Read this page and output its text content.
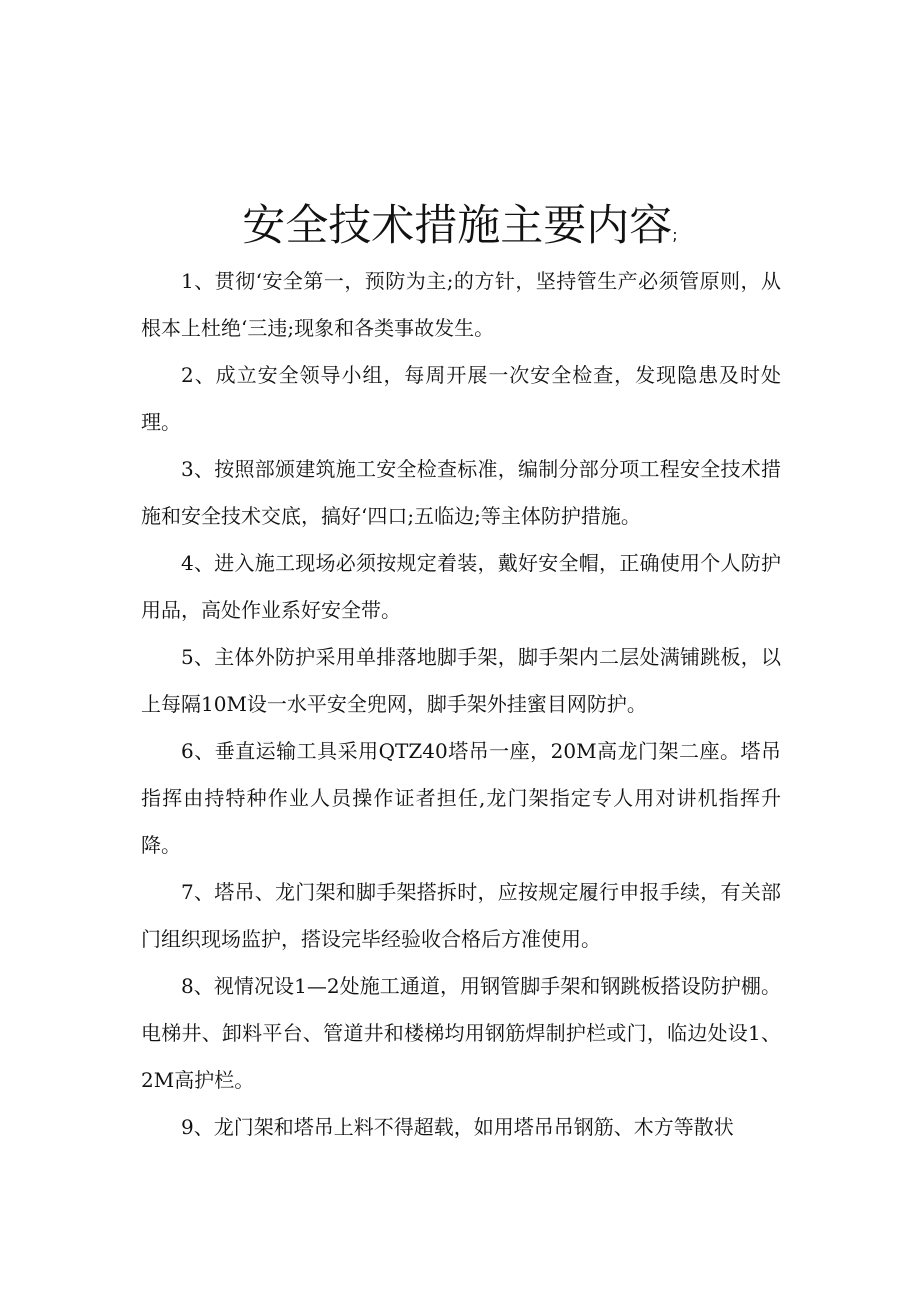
安全技术措施主要内容;

1、贯彻‘安全第一，预防为主;的方针，坚持管生产必须管原则，从根本上杜绝‘三违;现象和各类事故发生。

2、成立安全领导小组，每周开展一次安全检查，发现隐患及时处理。

3、按照部颁建筑施工安全检查标准，编制分部分项工程安全技术措施和安全技术交底，搞好‘四口;五临边;等主体防护措施。

4、进入施工现场必须按规定着装，戴好安全帽，正确使用个人防护用品，高处作业系好安全带。

5、主体外防护采用单排落地脚手架，脚手架内二层处满铺跳板，以上每隔10M设一水平安全兜网，脚手架外挂蜜目网防护。

6、垂直运输工具采用QTZ40塔吊一座，20M高龙门架二座。塔吊指挥由持特种作业人员操作证者担任,龙门架指定专人用对讲机指挥升降。

7、塔吊、龙门架和脚手架搭拆时，应按规定履行申报手续，有关部门组织现场监护，搭设完毕经验收合格后方准使用。

8、视情况设1—2处施工通道，用钢管脚手架和钢跳板搭设防护棚。电梯井、卸料平台、管道井和楼梯均用钢筋焊制护栏或门，临边处设1、2M高护栏。

9、龙门架和塔吊上料不得超载，如用塔吊吊钢筋、木方等散状
